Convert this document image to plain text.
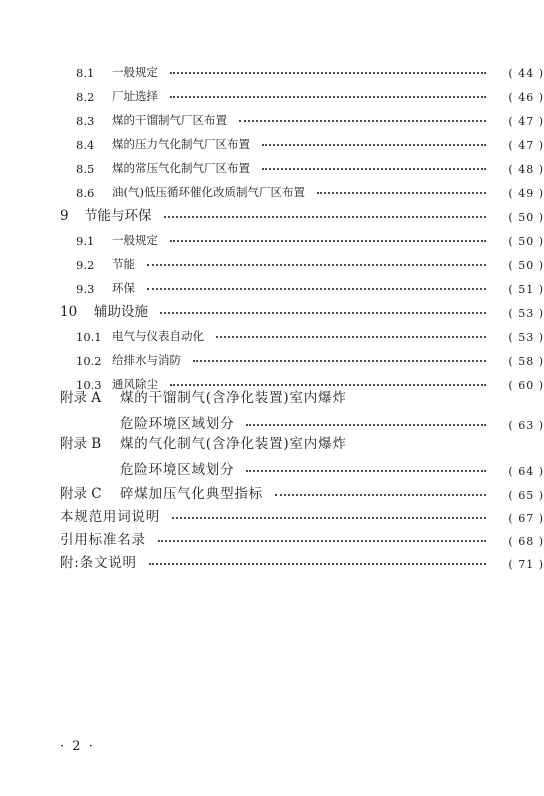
8.1	一般规定	( 44 )
8.2	厂址选择	( 46 )
8.3	煤的干馏制气厂区布置	( 47 )
8.4	煤的压力气化制气厂区布置	( 47 )
8.5	煤的常压气化制气厂区布置	( 48 )
8.6	油(气)低压循环催化改质制气厂区布置	( 49 )
9	节能与环保	( 50 )
9.1	一般规定	( 50 )
9.2	节能	( 50 )
9.3	环保	( 51 )
10	辅助设施	( 53 )
10.1 电气与仪表自动化	( 53 )
10.2 给排水与消防	( 58 )
10.3 通风除尘	( 60 )
附录 A	煤的干馏制气(含净化装置)室内爆炸
危险环境区域划分	( 63 )
附录 B	煤的气化制气(含净化装置)室内爆炸
危险环境区域划分	( 64 )
附录 C	碎煤加压气化典型指标	( 65 )
本规范用词说明	( 67 )
引用标准名录	( 68 )
附:条文说明	( 71 )
· 2 ·
